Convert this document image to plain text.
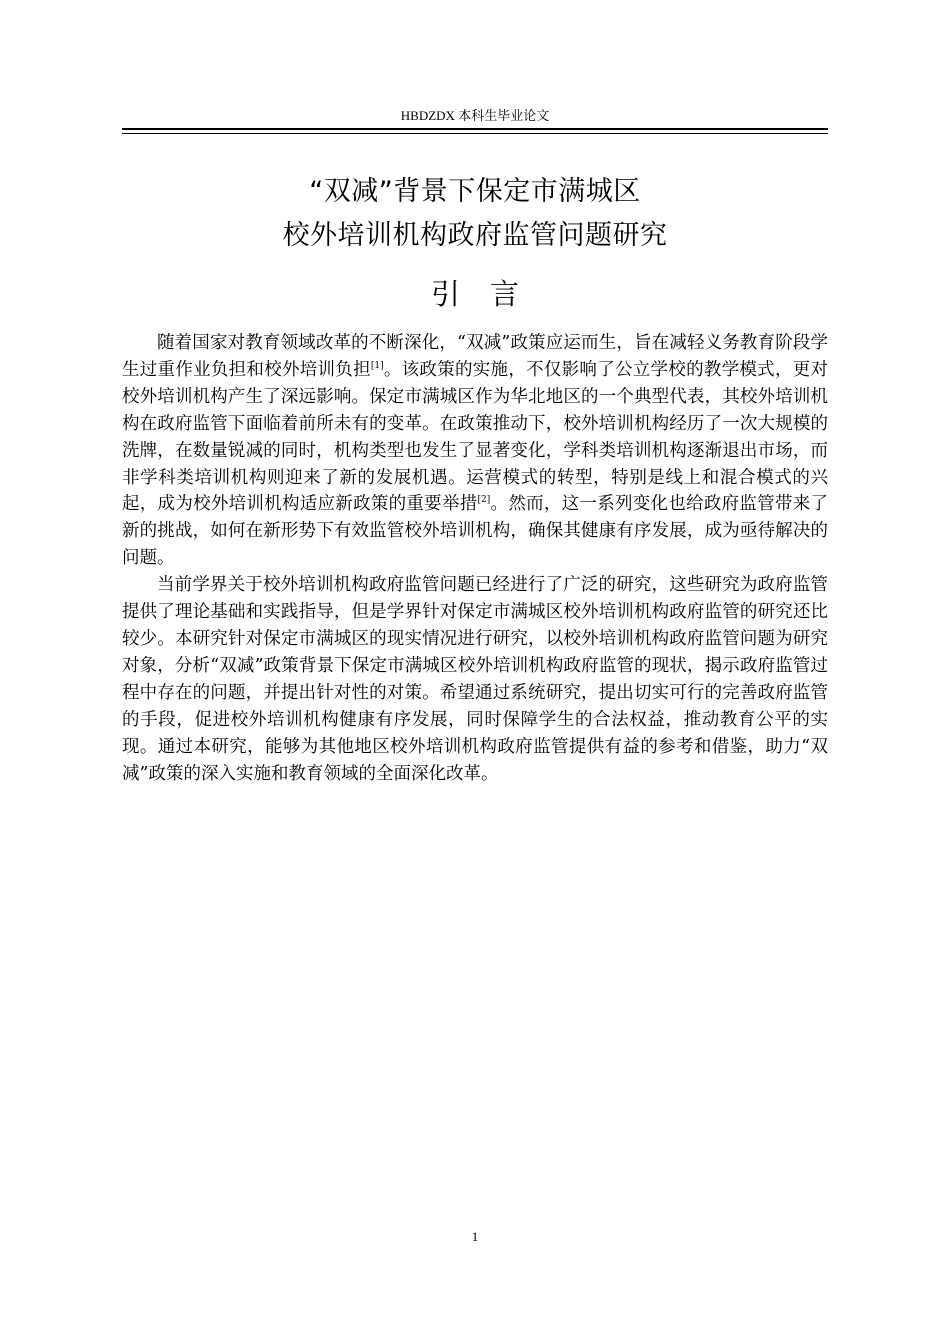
HBDZDX 本科生毕业论文
“双减”背景下保定市满城区
校外培训机构政府监管问题研究
引言

随着国家对教育领域改革的不断深化，“双减”政策应运而生，旨在减轻义务教育阶段学生过重作业负担和校外培训负担[1]。该政策的实施，不仅影响了公立学校的教学模式，更对校外培训机构产生了深远影响。保定市满城区作为华北地区的一个典型代表，其校外培训机构在政府监管下面临着前所未有的变革。在政策推动下，校外培训机构经历了一次大规模的洗牌，在数量锐减的同时，机构类型也发生了显著变化，学科类培训机构逐渐退出市场，而非学科类培训机构则迎来了新的发展机遇。运营模式的转型，特别是线上和混合模式的兴起，成为校外培训机构适应新政策的重要举措[2]。然而，这一系列变化也给政府监管带来了新的挑战，如何在新形势下有效监管校外培训机构，确保其健康有序发展，成为亟待解决的问题。

当前学界关于校外培训机构政府监管问题已经进行了广泛的研究，这些研究为政府监管提供了理论基础和实践指导，但是学界针对保定市满城区校外培训机构政府监管的研究还比较少。本研究针对保定市满城区的现实情况进行研究，以校外培训机构政府监管问题为研究对象，分析“双减”政策背景下保定市满城区校外培训机构政府监管的现状，揭示政府监管过程中存在的问题，并提出针对性的对策。希望通过系统研究，提出切实可行的完善政府监管的手段，促进校外培训机构健康有序发展，同时保障学生的合法权益，推动教育公平的实现。通过本研究，能够为其他地区校外培训机构政府监管提供有益的参考和借鉴，助力“双减”政策的深入实施和教育领域的全面深化改革。

1
